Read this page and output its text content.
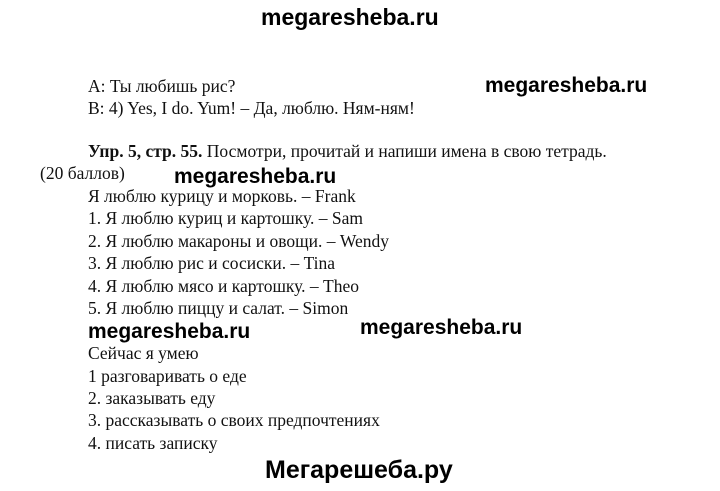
megaresheba.ru
A: Ты любишь рис?
B: 4) Yes, I do. Yum! – Да, люблю. Ням-ням!
megaresheba.ru
Упр. 5, стр. 55. Посмотри, прочитай и напиши имена в свою тетрадь.
(20 баллов) megaresheba.ru
Я люблю курицу и морковь. – Frank
1. Я люблю куриц и картошку. – Sam
2. Я люблю макароны и овощи. – Wendy
3. Я люблю рис и сосиски. – Tina
4. Я люблю мясо и картошку. – Theo
5. Я люблю пиццу и салат. – Simon
megaresheba.ru	megaresheba.ru
Сейчас я умею
1 разговаривать о еде
2. заказывать еду
3. рассказывать о своих предпочтениях
4. писать записку
Мегарешеба.ру
